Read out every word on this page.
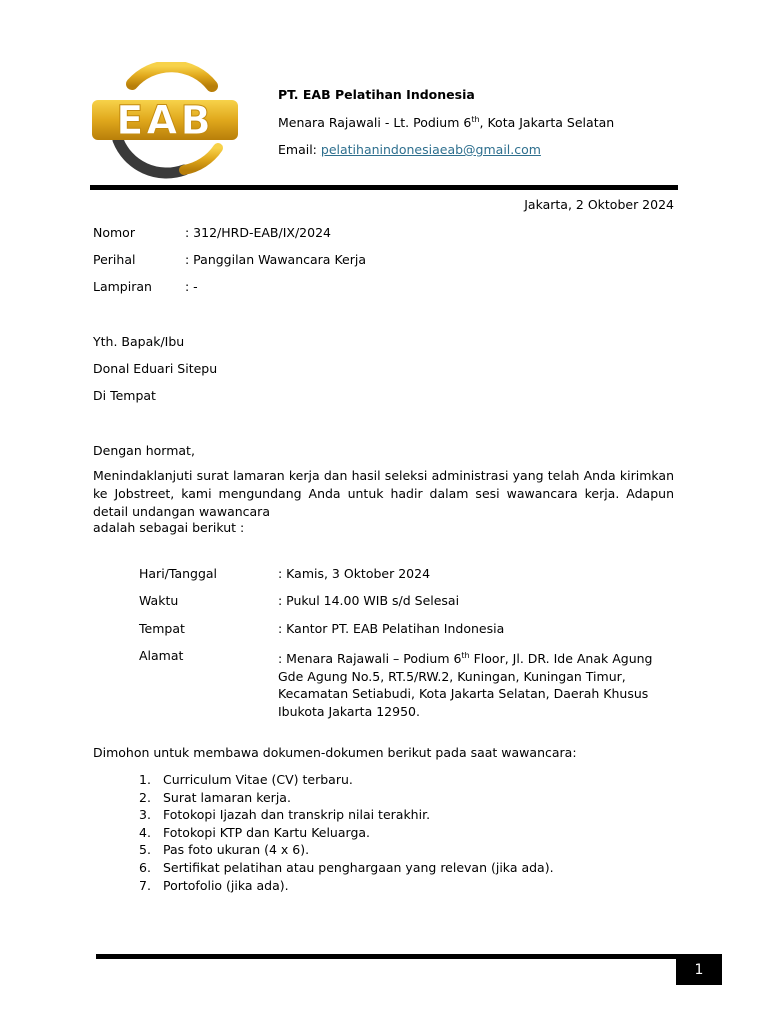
EAB
PT. EAB Pelatihan Indonesia
Menara Rajawali - Lt. Podium 6th, Kota Jakarta Selatan
Email: pelatihanindonesiaeab@gmail.com
Jakarta, 2 Oktober 2024
Nomor	: 312/HRD-EAB/IX/2024
Perihal	: Panggilan Wawancara Kerja
Lampiran	: -
Yth. Bapak/Ibu
Donal Eduari Sitepu
Di Tempat
Dengan hormat,
Menindaklanjuti surat lamaran kerja dan hasil seleksi administrasi yang telah Anda kirimkan ke Jobstreet, kami mengundang Anda untuk hadir dalam sesi wawancara kerja. Adapun detail undangan wawancara
adalah sebagai berikut :
Hari/Tanggal	: Kamis, 3 Oktober 2024
Waktu	: Pukul 14.00 WIB s/d Selesai
Tempat	: Kantor PT. EAB Pelatihan Indonesia
Alamat	: Menara Rajawali – Podium 6th Floor, Jl. DR. Ide Anak Agung Gde Agung No.5, RT.5/RW.2, Kuningan, Kuningan Timur, Kecamatan Setiabudi, Kota Jakarta Selatan, Daerah Khusus Ibukota Jakarta 12950.
Dimohon untuk membawa dokumen-dokumen berikut pada saat wawancara:
1. Curriculum Vitae (CV) terbaru.
2. Surat lamaran kerja.
3. Fotokopi Ijazah dan transkrip nilai terakhir.
4. Fotokopi KTP dan Kartu Keluarga.
5. Pas foto ukuran (4 x 6).
6. Sertifikat pelatihan atau penghargaan yang relevan (jika ada).
7. Portofolio (jika ada).
1
